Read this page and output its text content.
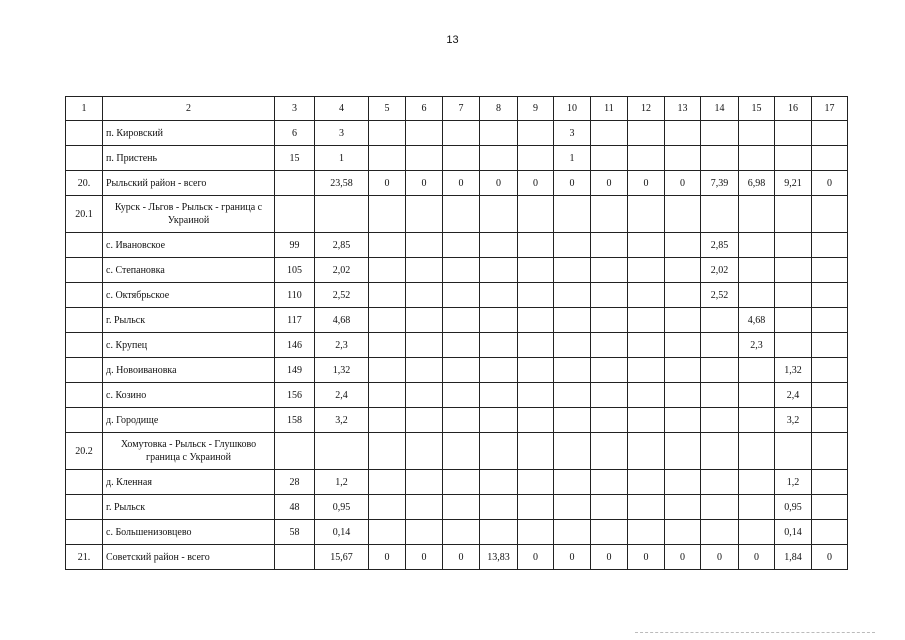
13
1	2	3	4	5	6	7	8	9	10	11	12	13	14	15	16	17
	п. Кировский	6	3						3							
	п. Пристень	15	1						1							
20.	Рыльский район - всего		23,58	0	0	0	0	0	0	0	0	0	7,39	6,98	9,21	0
20.1	Курск - Льгов - Рыльск - граница с Украиной															
	с. Ивановское	99	2,85										2,85			
	с. Степановка	105	2,02										2,02			
	с. Октябрьское	110	2,52										2,52			
	г. Рыльск	117	4,68											4,68		
	с. Крупец	146	2,3											2,3		
	д. Новоивановка	149	1,32												1,32	
	с. Козино	156	2,4												2,4	
	д. Городище	158	3,2												3,2	
20.2	Хомутовка - Рыльск - Глушково граница с Украиной															
	д. Кленная	28	1,2												1,2	
	г. Рыльск	48	0,95												0,95	
	с. Большенизовцево	58	0,14												0,14	
21.	Советский район - всего		15,67	0	0	0	13,83	0	0	0	0	0	0	0	1,84	0
